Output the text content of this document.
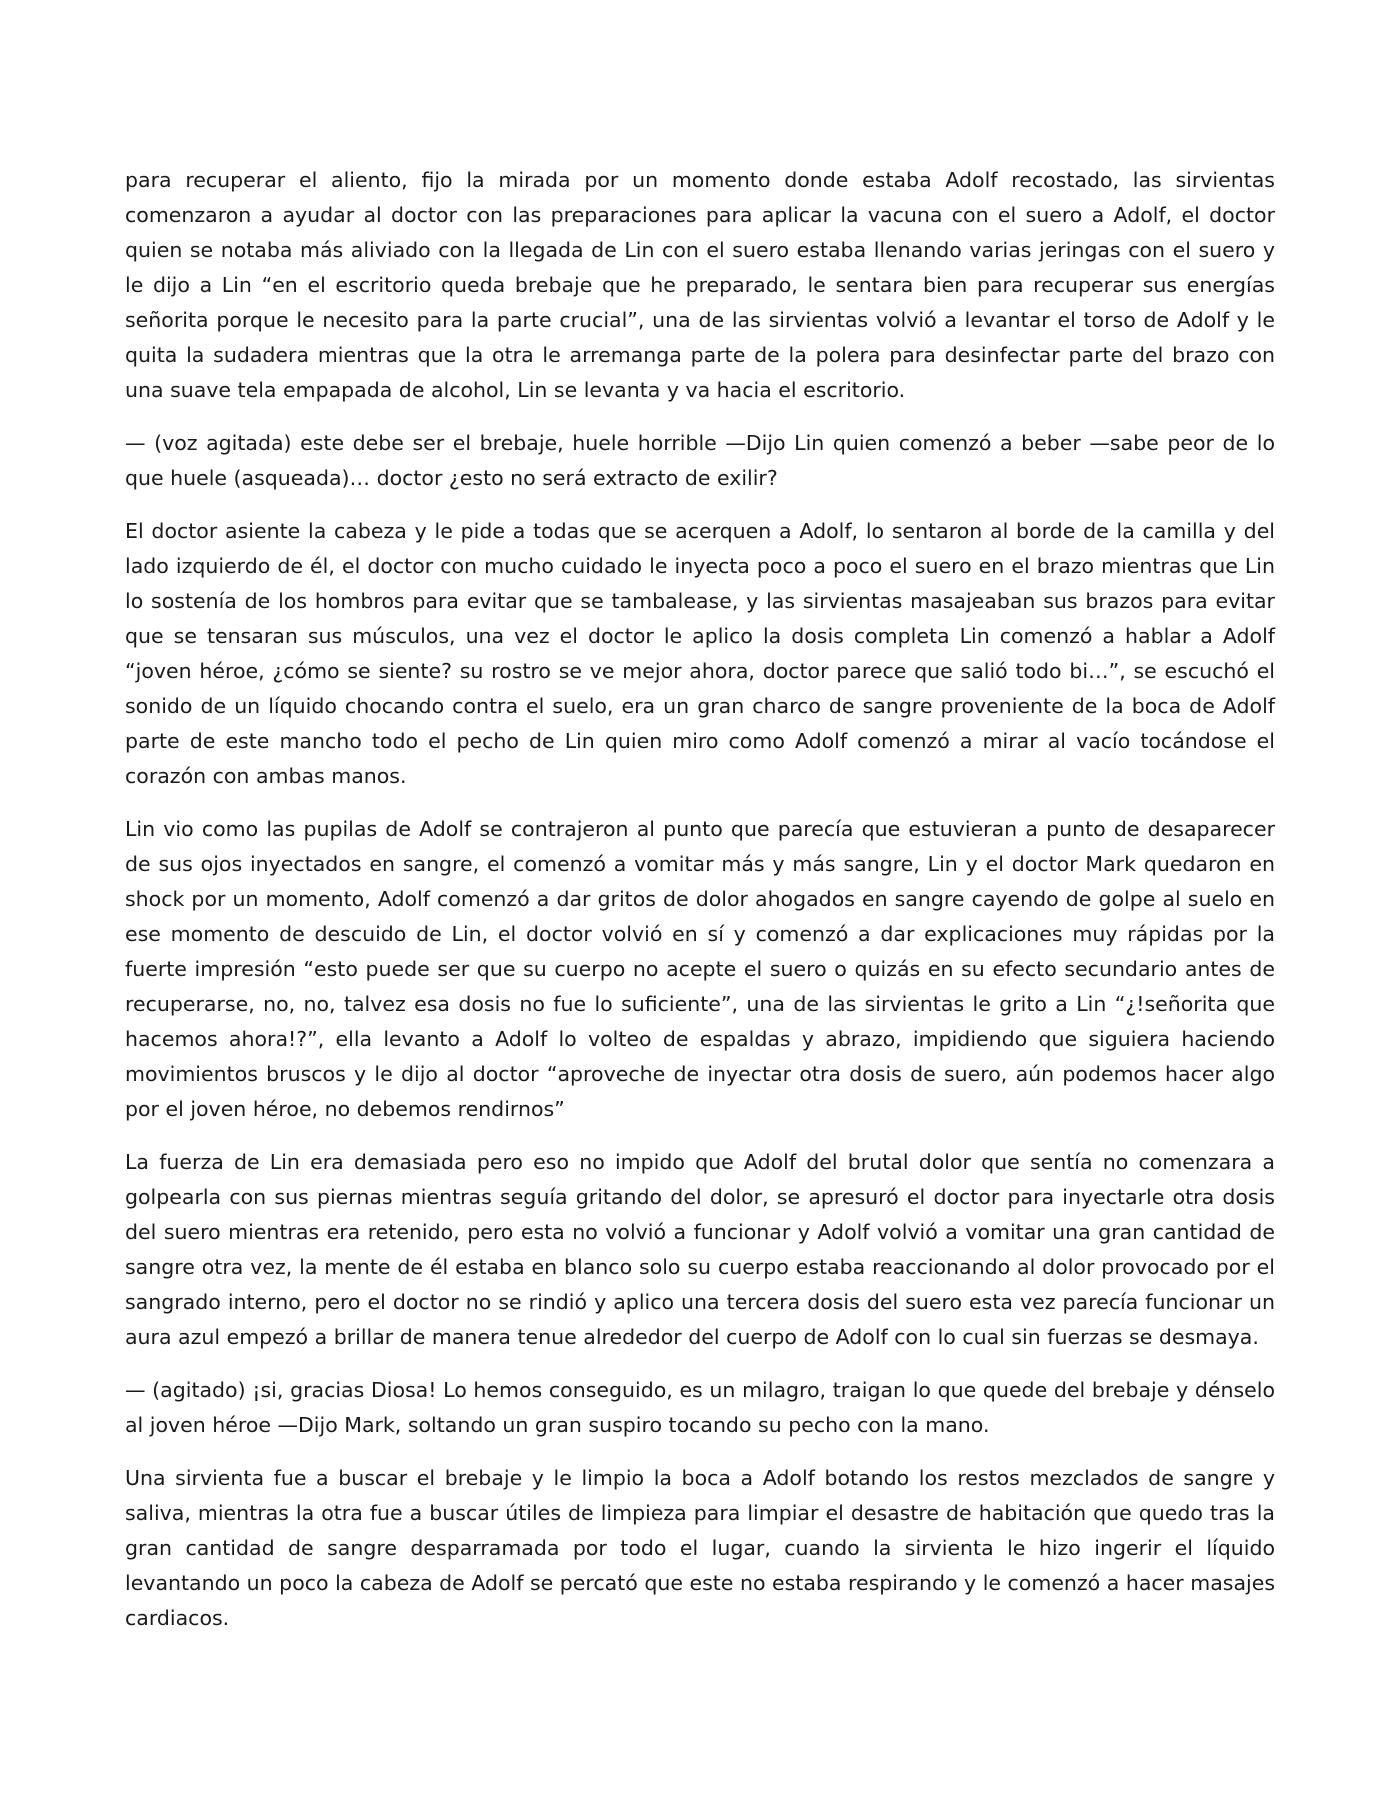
para recuperar el aliento, fijo la mirada por un momento donde estaba Adolf recostado, las sirvientas comenzaron a ayudar al doctor con las preparaciones para aplicar la vacuna con el suero a Adolf, el doctor quien se notaba más aliviado con la llegada de Lin con el suero estaba llenando varias jeringas con el suero y le dijo a Lin “en el escritorio queda brebaje que he preparado, le sentara bien para recuperar sus energías señorita porque le necesito para la parte crucial”, una de las sirvientas volvió a levantar el torso de Adolf y le quita la sudadera mientras que la otra le arremanga parte de la polera para desinfectar parte del brazo con una suave tela empapada de alcohol, Lin se levanta y va hacia el escritorio.

— (voz agitada) este debe ser el brebaje, huele horrible —Dijo Lin quien comenzó a beber —sabe peor de lo que huele (asqueada)… doctor ¿esto no será extracto de exilir?

El doctor asiente la cabeza y le pide a todas que se acerquen a Adolf, lo sentaron al borde de la camilla y del lado izquierdo de él, el doctor con mucho cuidado le inyecta poco a poco el suero en el brazo mientras que Lin lo sostenía de los hombros para evitar que se tambalease, y las sirvientas masajeaban sus brazos para evitar que se tensaran sus músculos, una vez el doctor le aplico la dosis completa Lin comenzó a hablar a Adolf “joven héroe, ¿cómo se siente? su rostro se ve mejor ahora, doctor parece que salió todo bi…”, se escuchó el sonido de un líquido chocando contra el suelo, era un gran charco de sangre proveniente de la boca de Adolf parte de este mancho todo el pecho de Lin quien miro como Adolf comenzó a mirar al vacío tocándose el corazón con ambas manos.

Lin vio como las pupilas de Adolf se contrajeron al punto que parecía que estuvieran a punto de desaparecer de sus ojos inyectados en sangre, el comenzó a vomitar más y más sangre, Lin y el doctor Mark quedaron en shock por un momento, Adolf comenzó a dar gritos de dolor ahogados en sangre cayendo de golpe al suelo en ese momento de descuido de Lin, el doctor volvió en sí y comenzó a dar explicaciones muy rápidas por la fuerte impresión “esto puede ser que su cuerpo no acepte el suero o quizás en su efecto secundario antes de recuperarse, no, no, talvez esa dosis no fue lo suficiente”, una de las sirvientas le grito a Lin “¿!señorita que hacemos ahora!?”, ella levanto a Adolf lo volteo de espaldas y abrazo, impidiendo que siguiera haciendo movimientos bruscos y le dijo al doctor “aproveche de inyectar otra dosis de suero, aún podemos hacer algo por el joven héroe, no debemos rendirnos”

La fuerza de Lin era demasiada pero eso no impido que Adolf del brutal dolor que sentía no comenzara a golpearla con sus piernas mientras seguía gritando del dolor, se apresuró el doctor para inyectarle otra dosis del suero mientras era retenido, pero esta no volvió a funcionar y Adolf volvió a vomitar una gran cantidad de sangre otra vez, la mente de él estaba en blanco solo su cuerpo estaba reaccionando al dolor provocado por el sangrado interno, pero el doctor no se rindió y aplico una tercera dosis del suero esta vez parecía funcionar un aura azul empezó a brillar de manera tenue alrededor del cuerpo de Adolf con lo cual sin fuerzas se desmaya.

— (agitado) ¡si, gracias Diosa! Lo hemos conseguido, es un milagro, traigan lo que quede del brebaje y dénselo al joven héroe —Dijo Mark, soltando un gran suspiro tocando su pecho con la mano.

Una sirvienta fue a buscar el brebaje y le limpio la boca a Adolf botando los restos mezclados de sangre y saliva, mientras la otra fue a buscar útiles de limpieza para limpiar el desastre de habitación que quedo tras la gran cantidad de sangre desparramada por todo el lugar, cuando la sirvienta le hizo ingerir el líquido levantando un poco la cabeza de Adolf se percató que este no estaba respirando y le comenzó a hacer masajes cardiacos.
